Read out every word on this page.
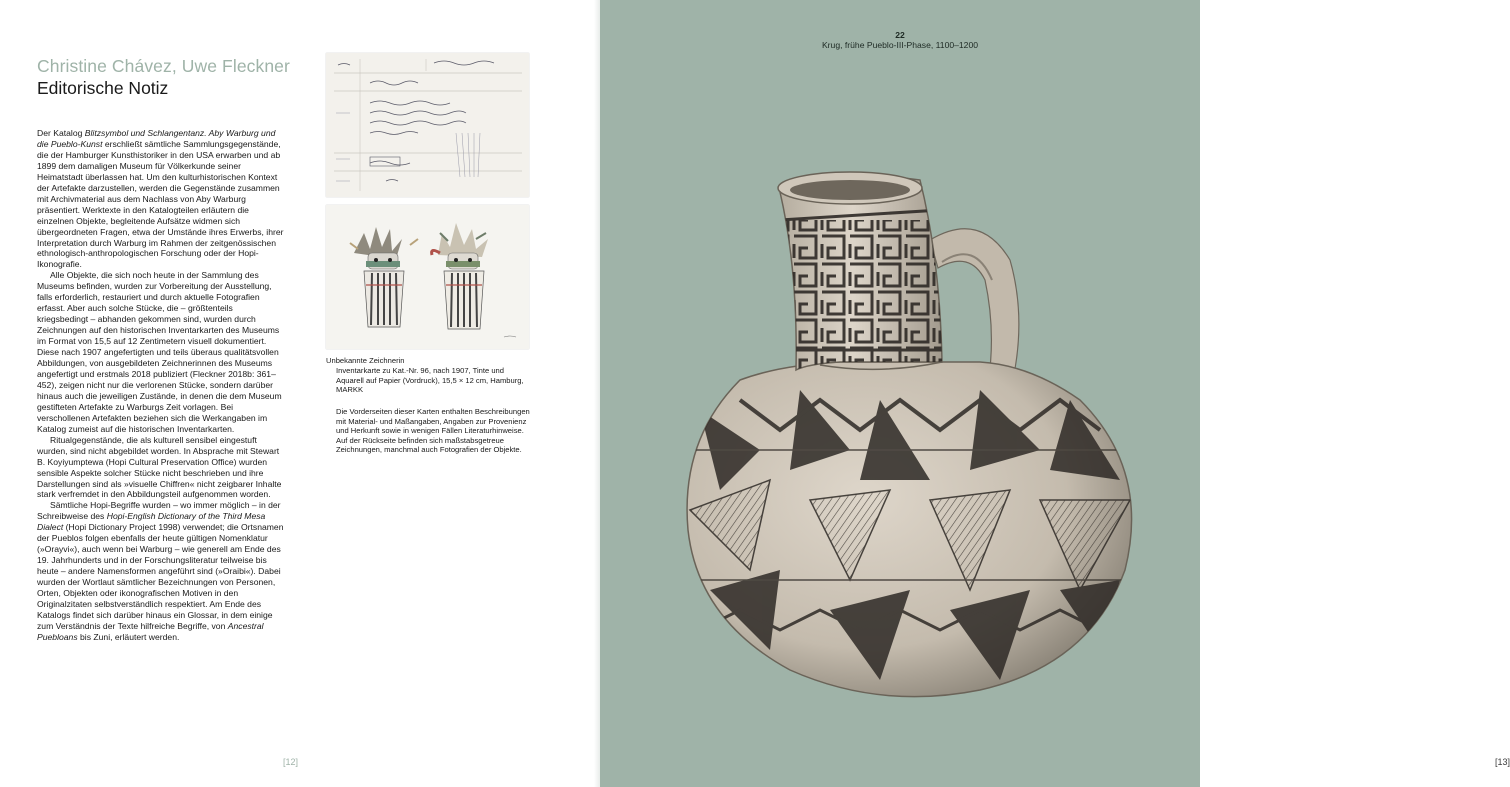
Christine Chávez, Uwe Fleckner
Editorische Notiz

Der Katalog Blitzsymbol und Schlangentanz. Aby Warburg und die Pueblo-Kunst erschließt sämtliche Sammlungsgegenstände, die der Hamburger Kunsthistoriker in den USA erwarben und ab 1899 dem damaligen Museum für Völkerkunde seiner Heimatstadt überlassen hat. Um den kulturhistorischen Kontext der Artefakte darzustellen, werden die Gegenstände zusammen mit Archivmaterial aus dem Nachlass von Aby Warburg präsentiert. Werktexte in den Katalogteilen erläutern die einzelnen Objekte, begleitende Aufsätze widmen sich übergeordneten Fragen, etwa der Umstände ihres Erwerbs, ihrer Interpretation durch Warburg im Rahmen der zeitgenössischen ethnologisch-anthropologischen Forschung oder der Hopi-Ikonografie.

Alle Objekte, die sich noch heute in der Sammlung des Museums befinden, wurden zur Vorbereitung der Ausstellung, falls erforderlich, restauriert und durch aktuelle Fotografien erfasst. Aber auch solche Stücke, die – größtenteils kriegsbedingt – abhanden gekommen sind, wurden durch Zeichnungen auf den historischen Inventarkarten des Museums im Format von 15,5 auf 12 Zentimetern visuell dokumentiert. Diese nach 1907 angefertigten und teils überaus qualitätsvollen Abbildungen, von ausgebildeten Zeichnerinnen des Museums angefertigt und erstmals 2018 publiziert (Fleckner 2018b: 361–452), zeigen nicht nur die verlorenen Stücke, sondern darüber hinaus auch die jeweiligen Zustände, in denen die dem Museum gestifteten Artefakte zu Warburgs Zeit vorlagen. Bei verschollenen Artefakten beziehen sich die Werkangaben im Katalog zumeist auf die historischen Inventarkarten.

Ritualgegenstände, die als kulturell sensibel eingestuft wurden, sind nicht abgebildet worden. In Absprache mit Stewart B. Koyiyumptewa (Hopi Cultural Preservation Office) wurden sensible Aspekte solcher Stücke nicht beschrieben und ihre Darstellungen sind als »visuelle Chiffren« nicht zeigbarer Inhalte stark verfremdet in den Abbildungsteil aufgenommen worden.

Sämtliche Hopi-Begriffe wurden – wo immer möglich – in der Schreibweise des Hopi-English Dictionary of the Third Mesa Dialect (Hopi Dictionary Project 1998) verwendet; die Ortsnamen der Pueblos folgen ebenfalls der heute gültigen Nomenklatur (»Orayvi«), auch wenn bei Warburg – wie generell am Ende des 19. Jahrhunderts und in der Forschungsliteratur teilweise bis heute – andere Namensformen angeführt sind (»Oraibi«). Dabei wurden der Wortlaut sämtlicher Bezeichnungen von Personen, Orten, Objekten oder ikonografischen Motiven in den Originalzitaten selbstverständlich respektiert. Am Ende des Katalogs findet sich darüber hinaus ein Glossar, in dem einige zum Verständnis der Texte hilfreiche Begriffe, von Ancestral Puebloans bis Zuni, erläutert werden.

Unbekannte Zeichnerin
Inventarkarte zu Kat.-Nr. 96, nach 1907, Tinte und Aquarell auf Papier (Vordruck), 15,5 × 12 cm, Hamburg, MARKK
Die Vorderseiten dieser Karten enthalten Beschreibungen mit Material- und Maßangaben, Angaben zur Provenienz und Herkunft sowie in wenigen Fällen Literaturhinweise. Auf der Rückseite befinden sich maßstabsgetreue Zeichnungen, manchmal auch Fotografien der Objekte.
[12]
22
Krug, frühe Pueblo-III-Phase, 1100–1200
[13]
